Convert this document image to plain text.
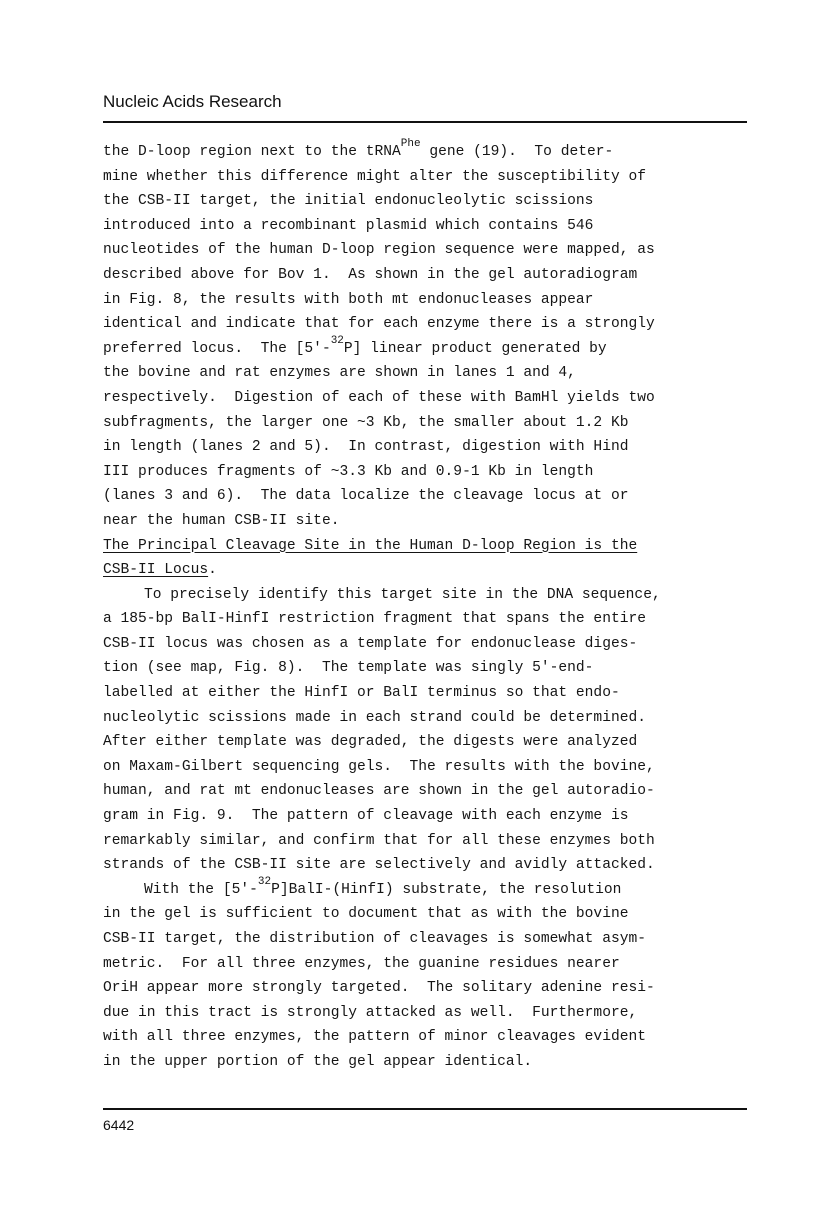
Nucleic Acids Research
the D-loop region next to the tRNA$^{Phe}$ gene (19).  To deter-
mine whether this difference might alter the susceptibility of
the CSB-II target, the initial endonucleolytic scissions
introduced into a recombinant plasmid which contains 546
nucleotides of the human D-loop region sequence were mapped, as
described above for Bov 1.  As shown in the gel autoradiogram
in Fig. 8, the results with both mt endonucleases appear
identical and indicate that for each enzyme there is a strongly
preferred locus.  The [5'-$^{32}$P] linear product generated by
the bovine and rat enzymes are shown in lanes 1 and 4,
respectively.  Digestion of each of these with BamHl yields two
subfragments, the larger one ~3 Kb, the smaller about 1.2 Kb
in length (lanes 2 and 5).  In contrast, digestion with Hind
III produces fragments of ~3.3 Kb and 0.9-1 Kb in length
(lanes 3 and 6).  The data localize the cleavage locus at or
near the human CSB-II site.
The Principal Cleavage Site in the Human D-loop Region is the
CSB-II Locus.
To precisely identify this target site in the DNA sequence,
a 185-bp BalI-HinfI restriction fragment that spans the entire
CSB-II locus was chosen as a template for endonuclease diges-
tion (see map, Fig. 8).  The template was singly 5'-end-
labelled at either the HinfI or BalI terminus so that endo-
nucleolytic scissions made in each strand could be determined.
After either template was degraded, the digests were analyzed
on Maxam-Gilbert sequencing gels.  The results with the bovine,
human, and rat mt endonucleases are shown in the gel autoradio-
gram in Fig. 9.  The pattern of cleavage with each enzyme is
remarkably similar, and confirm that for all these enzymes both
strands of the CSB-II site are selectively and avidly attacked.
With the [5'-$^{32}$P]BalI-(HinfI) substrate, the resolution
in the gel is sufficient to document that as with the bovine
CSB-II target, the distribution of cleavages is somewhat asym-
metric.  For all three enzymes, the guanine residues nearer
OriH appear more strongly targeted.  The solitary adenine resi-
due in this tract is strongly attacked as well.  Furthermore,
with all three enzymes, the pattern of minor cleavages evident
in the upper portion of the gel appear identical.
6442
